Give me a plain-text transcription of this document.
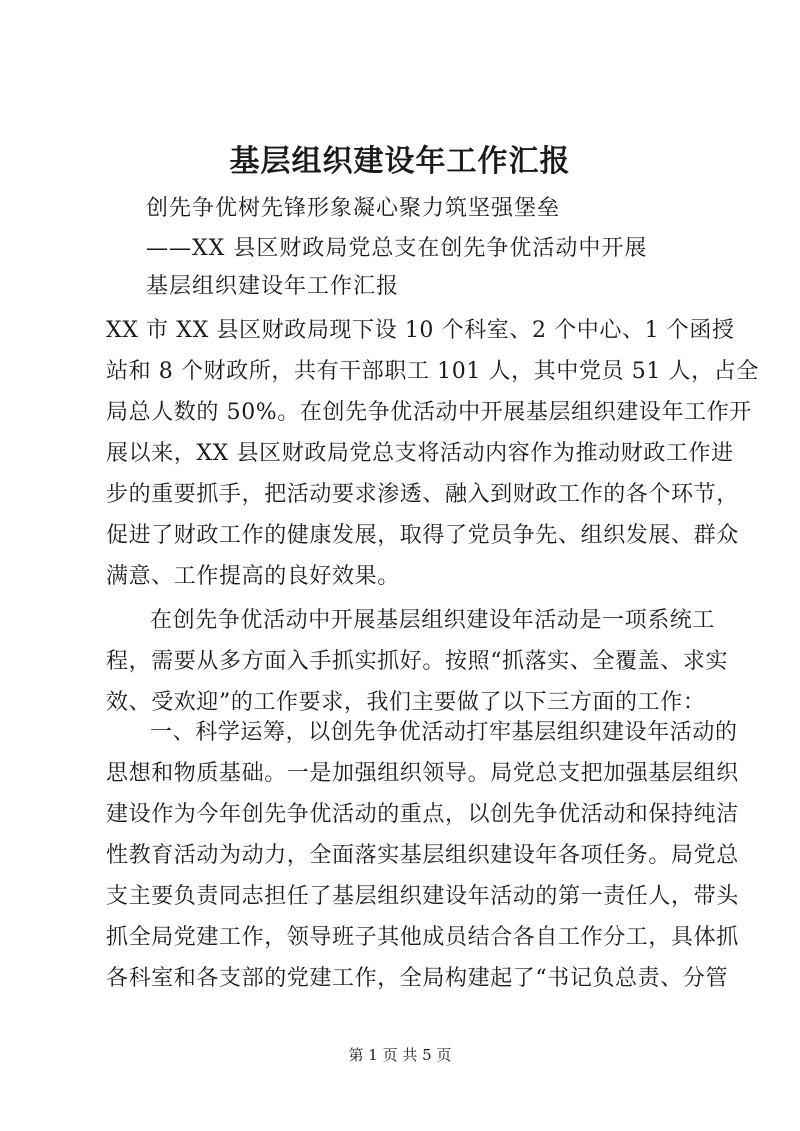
基层组织建设年工作汇报

创先争优树先锋形象凝心聚力筑坚强堡垒

——XX 县区财政局党总支在创先争优活动中开展

基层组织建设年工作汇报

XX 市 XX 县区财政局现下设 10 个科室、2 个中心、1 个函授
站和 8 个财政所，共有干部职工 101 人，其中党员 51 人，占全
局总人数的 50%。在创先争优活动中开展基层组织建设年工作开
展以来，XX 县区财政局党总支将活动内容作为推动财政工作进
步的重要抓手，把活动要求渗透、融入到财政工作的各个环节，
促进了财政工作的健康发展，取得了党员争先、组织发展、群众
满意、工作提高的良好效果。
在创先争优活动中开展基层组织建设年活动是一项系统工
程，需要从多方面入手抓实抓好。按照“抓落实、全覆盖、求实
效、受欢迎”的工作要求，我们主要做了以下三方面的工作：
一、科学运筹，以创先争优活动打牢基层组织建设年活动的
思想和物质基础。一是加强组织领导。局党总支把加强基层组织
建设作为今年创先争优活动的重点，以创先争优活动和保持纯洁
性教育活动为动力，全面落实基层组织建设年各项任务。局党总
支主要负责同志担任了基层组织建设年活动的第一责任人，带头
抓全局党建工作，领导班子其他成员结合各自工作分工，具体抓
各科室和各支部的党建工作，全局构建起了“书记负总责、分管

第 1 页 共 5 页
